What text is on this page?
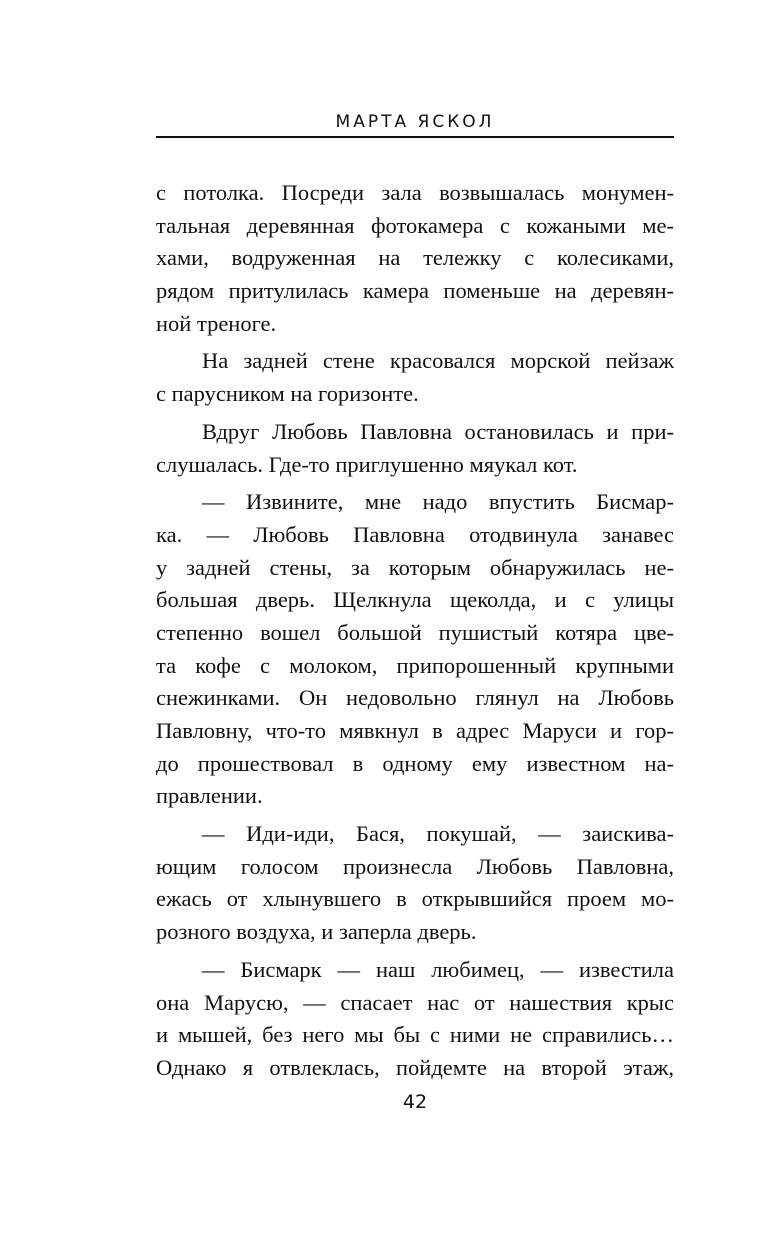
МАРТА ЯСКОЛ
с потолка. Посреди зала возвышалась монумен-
тальная деревянная фотокамера с кожаными ме-
хами, водруженная на тележку с колесиками,
рядом притулилась камера поменьше на деревян-
ной треноге.
На задней стене красовался морской пейзаж
с парусником на горизонте.
Вдруг Любовь Павловна остановилась и при-
слушалась. Где-то приглушенно мяукал кот.
— Извините, мне надо впустить Бисмар-
ка. — Любовь Павловна отодвинула занавес
у задней стены, за которым обнаружилась не-
большая дверь. Щелкнула щеколда, и с улицы
степенно вошел большой пушистый котяра цве-
та кофе с молоком, припорошенный крупными
снежинками. Он недовольно глянул на Любовь
Павловну, что-то мявкнул в адрес Маруси и гор-
до прошествовал в одному ему известном на-
правлении.
— Иди-иди, Бася, покушай, — заискива-
ющим голосом произнесла Любовь Павловна,
ежась от хлынувшего в открывшийся проем мо-
розного воздуха, и заперла дверь.
— Бисмарк — наш любимец, — известила
она Марусю, — спасает нас от нашествия крыс
и мышей, без него мы бы с ними не справились…
Однако я отвлеклась, пойдемте на второй этаж,
42
